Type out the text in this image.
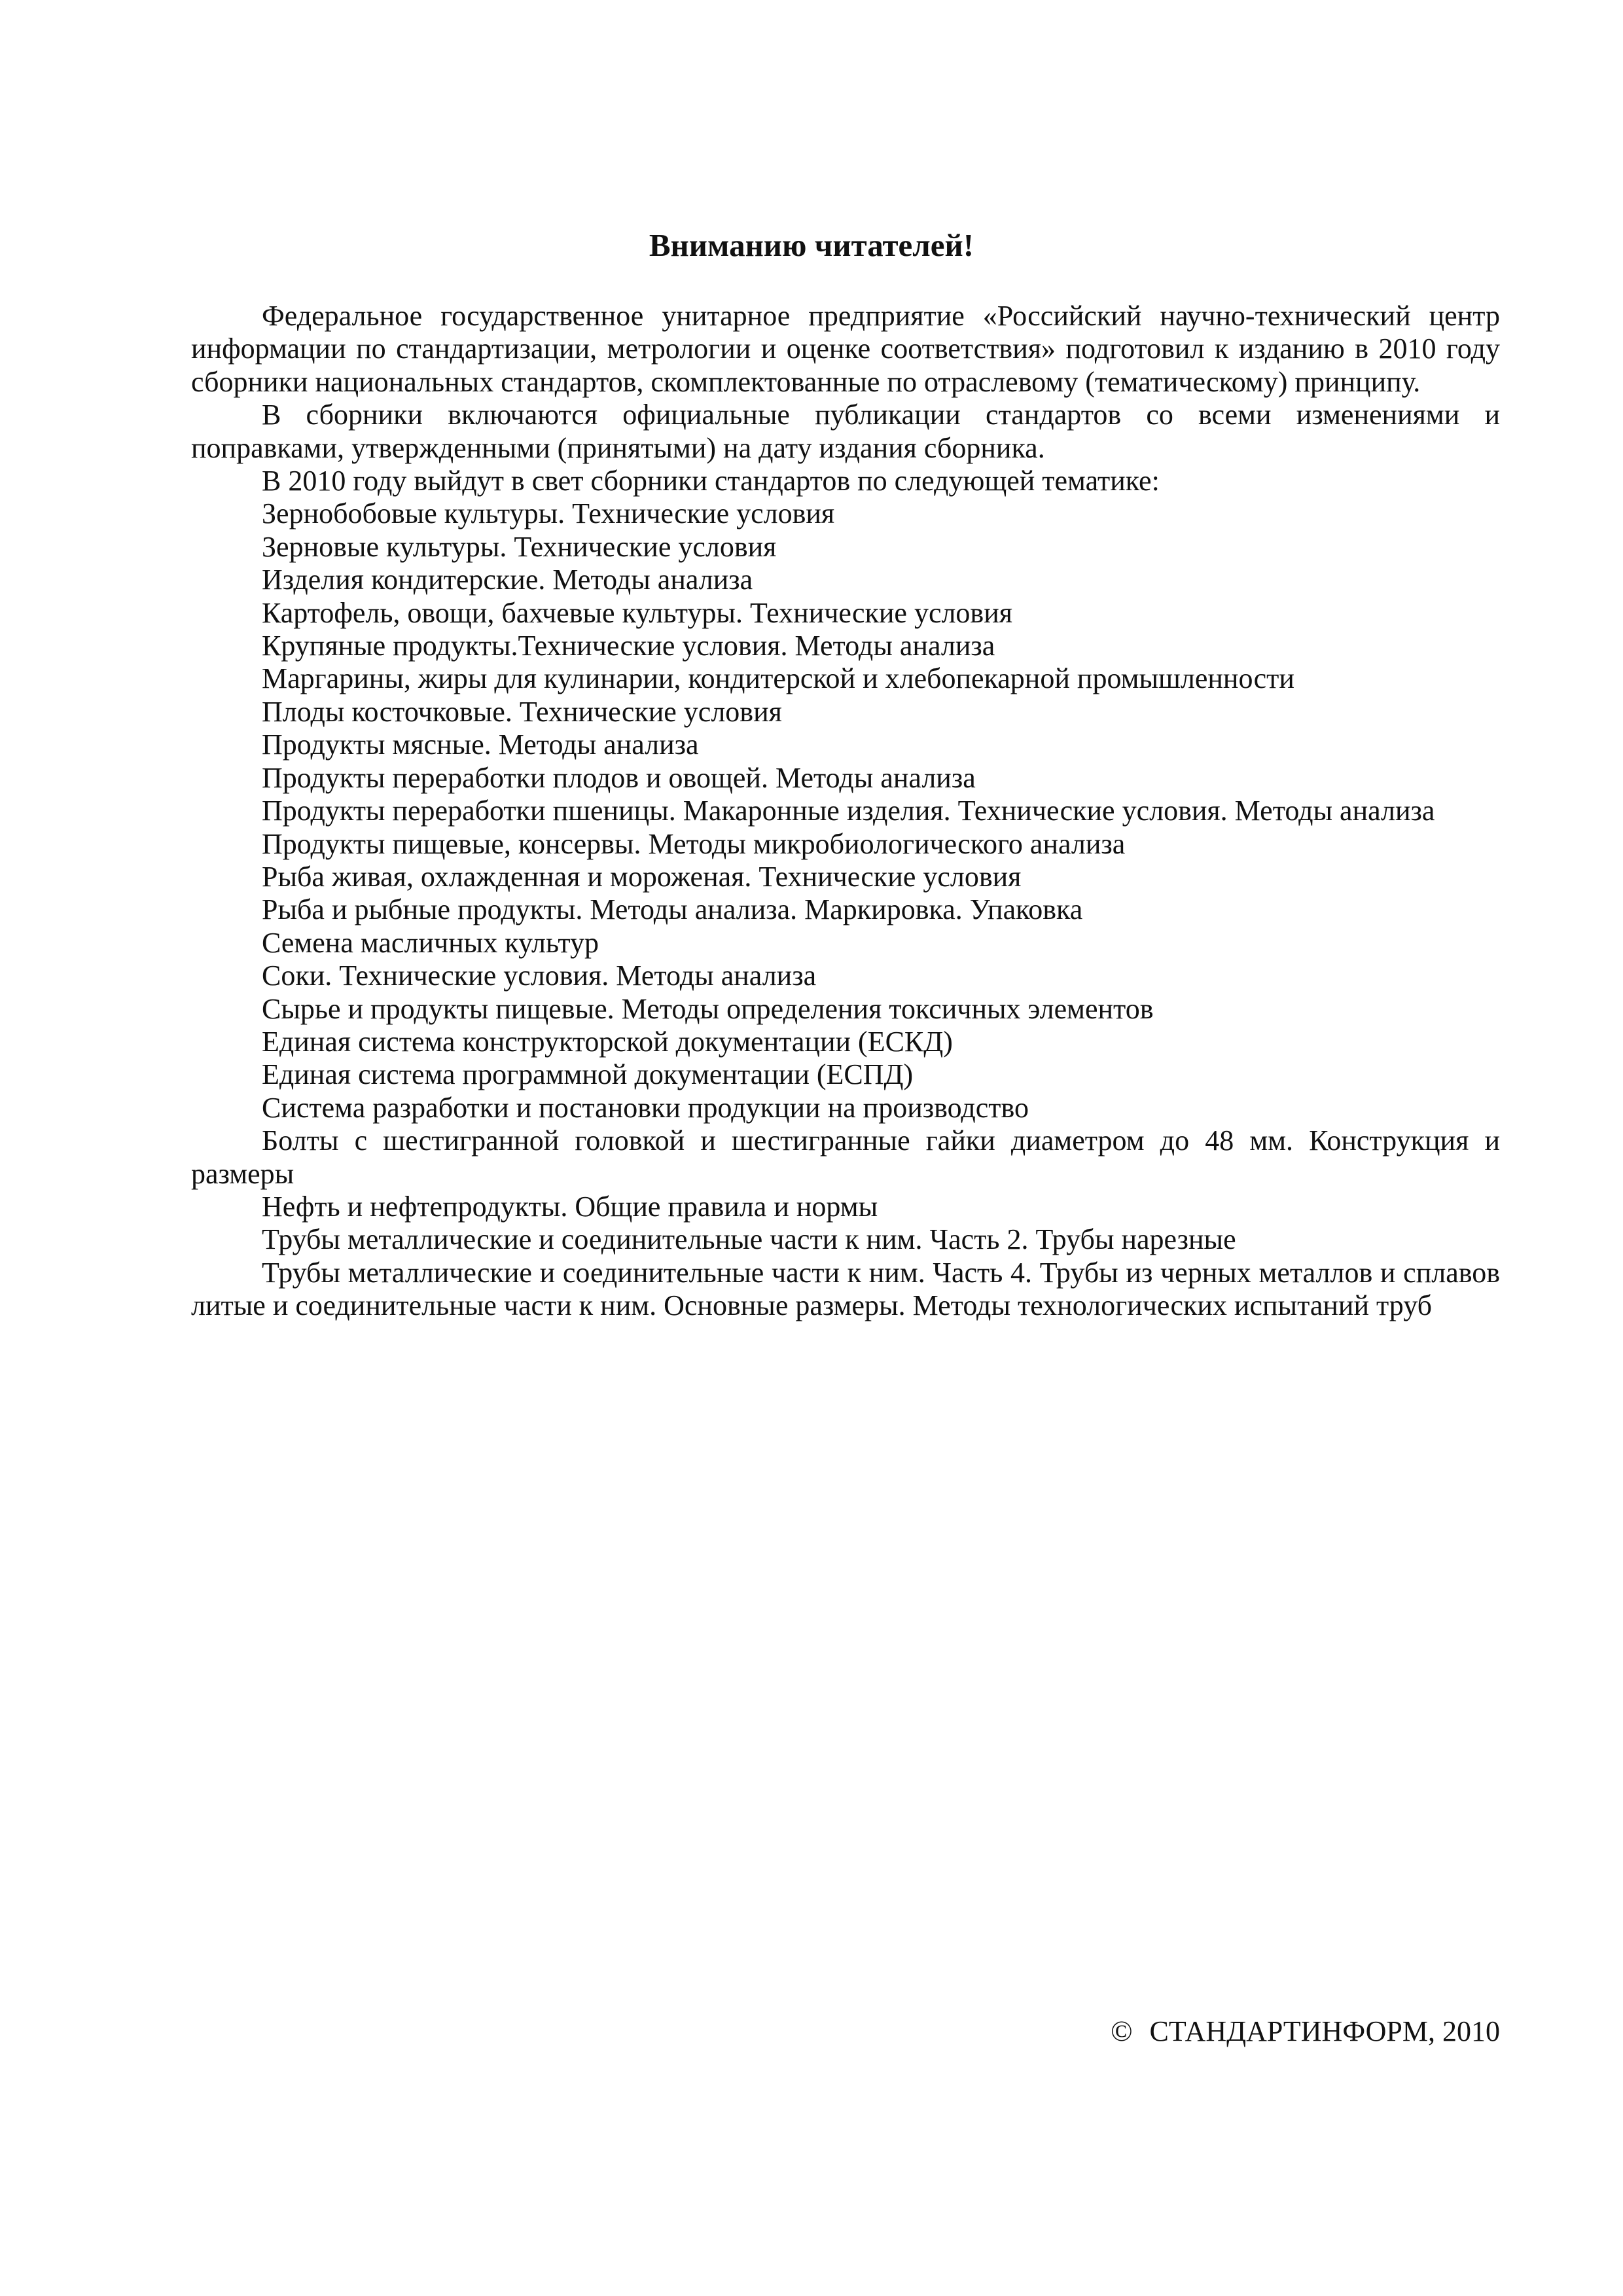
Вниманию читателей!

Федеральное государственное унитарное предприятие «Российский научно-технический центр информации по стандартизации, метрологии и оценке соответствия» подготовил к изданию в 2010 году сборники национальных стандартов, скомплектованные по отраслевому (тематическому) принципу.

В сборники включаются официальные публикации стандартов со всеми изменениями и поправками, утвержденными (принятыми) на дату издания сборника.

В 2010 году выйдут в свет сборники стандартов по следующей тематике:

Зернобобовые культуры. Технические условия

Зерновые культуры. Технические условия

Изделия кондитерские. Методы анализа

Картофель, овощи, бахчевые культуры. Технические условия

Крупяные продукты.Технические условия. Методы анализа

Маргарины, жиры для кулинарии, кондитерской и хлебопекарной промышленности

Плоды косточковые. Технические условия

Продукты мясные. Методы анализа

Продукты переработки плодов и овощей. Методы анализа

Продукты переработки пшеницы. Макаронные изделия. Технические условия. Методы анализа

Продукты пищевые, консервы. Методы микробиологического анализа

Рыба живая, охлажденная и мороженая. Технические условия

Рыба и рыбные продукты. Методы анализа. Маркировка. Упаковка

Семена масличных культур

Соки. Технические условия. Методы анализа

Сырье и продукты пищевые. Методы определения токсичных элементов

Единая система конструкторской документации (ЕСКД)

Единая система программной документации (ЕСПД)

Система разработки и постановки продукции на производство

Болты с шестигранной головкой и шестигранные гайки диаметром до 48 мм. Конструкция и размеры

Нефть и нефтепродукты. Общие правила и нормы

Трубы металлические и соединительные части к ним. Часть 2. Трубы нарезные

Трубы металлические и соединительные части к ним. Часть 4. Трубы из черных металлов и сплавов литые и соединительные части к ним. Основные размеры. Методы технологических испытаний труб

© СТАНДАРТИНФОРМ, 2010
